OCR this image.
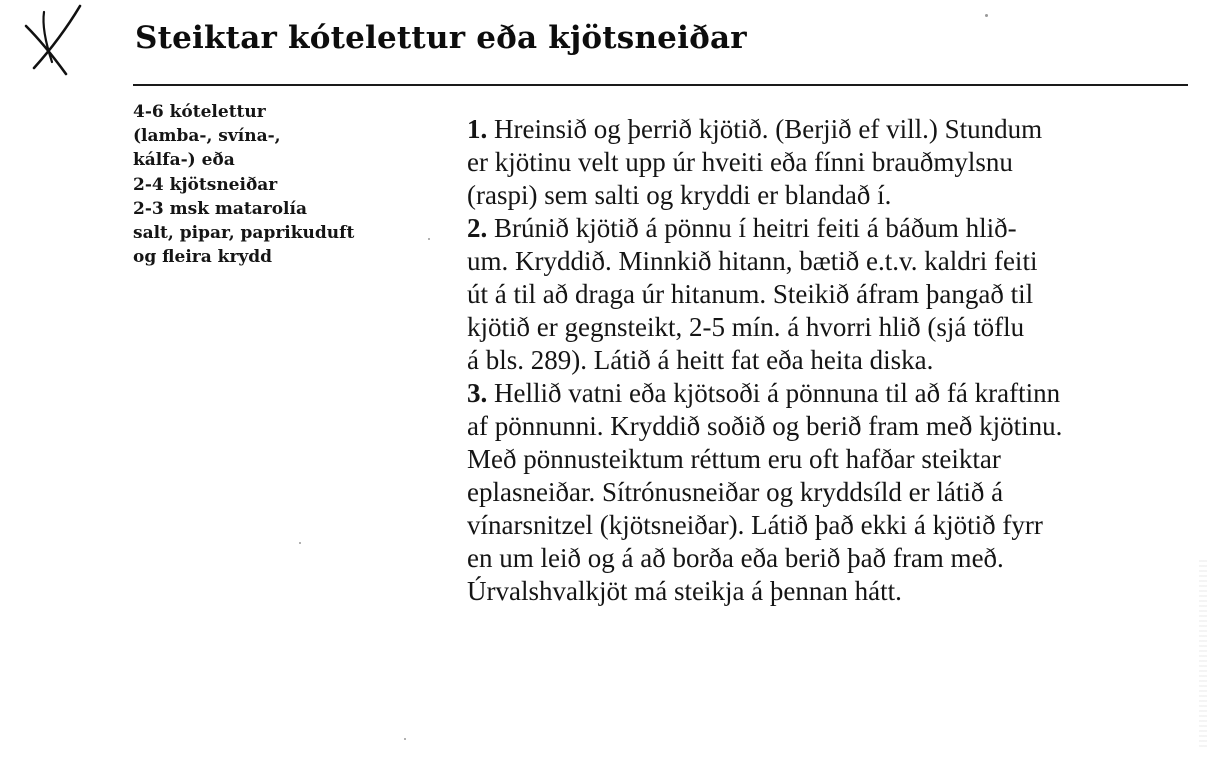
Steiktar kótelettur eða kjötsneiðar
4-6 kótelettur
(lamba-, svína-,
kálfa-) eða
2-4 kjötsneiðar
2-3 msk matarolía
salt, pipar, paprikuduft
og fleira krydd
1. Hreinsið og þerrið kjötið. (Berjið ef vill.) Stundum
er kjötinu velt upp úr hveiti eða fínni brauðmylsnu
(raspi) sem salti og kryddi er blandað í.
2. Brúnið kjötið á pönnu í heitri feiti á báðum hlið-
um. Kryddið. Minnkið hitann, bætið e.t.v. kaldri feiti
út á til að draga úr hitanum. Steikið áfram þangað til
kjötið er gegnsteikt, 2-5 mín. á hvorri hlið (sjá töflu
á bls. 289). Látið á heitt fat eða heita diska.
3. Hellið vatni eða kjötsoði á pönnuna til að fá kraftinn
af pönnunni. Kryddið soðið og berið fram með kjötinu.
Með pönnusteiktum réttum eru oft hafðar steiktar
eplasneiðar. Sítrónusneiðar og kryddsíld er látið á
vínarsnitzel (kjötsneiðar). Látið það ekki á kjötið fyrr
en um leið og á að borða eða berið það fram með.
Úrvalshvalkjöt má steikja á þennan hátt.
